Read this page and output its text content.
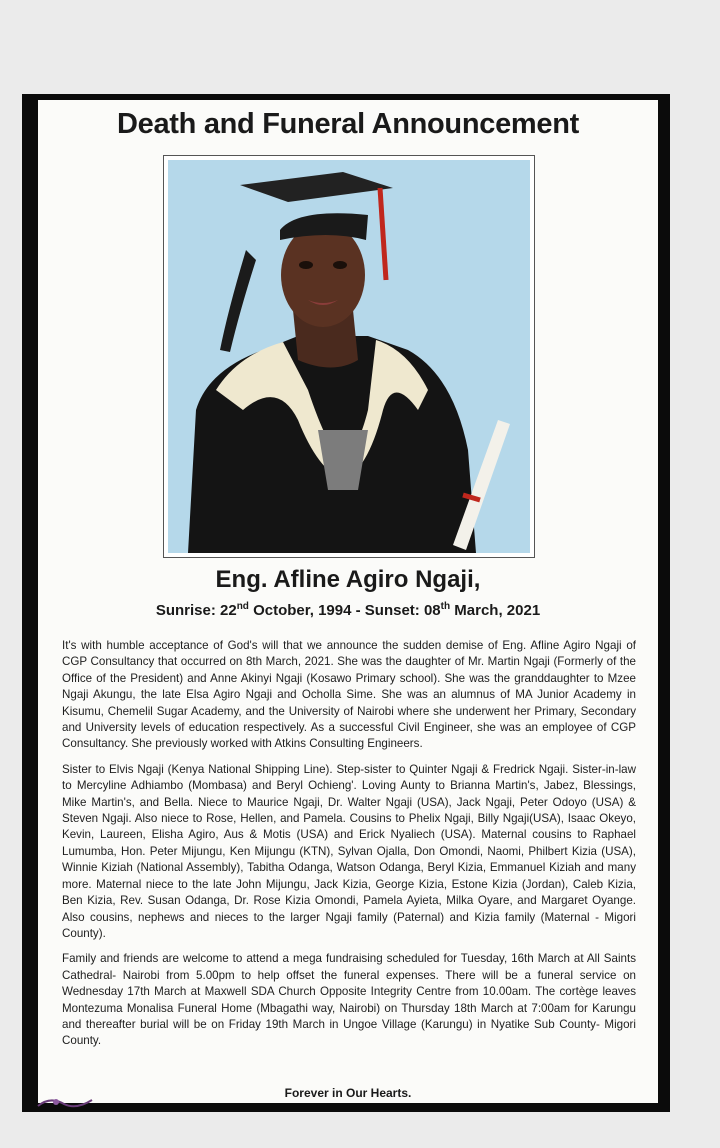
Death and Funeral Announcement
Eng. Afline Agiro Ngaji,
Sunrise: 22nd October, 1994 - Sunset: 08th March, 2021

It's with humble acceptance of God's will that we announce the sudden demise of Eng. Afline Agiro Ngaji of CGP Consultancy that occurred on 8th March, 2021. She was the daughter of Mr. Martin Ngaji (Formerly of the Office of the President) and Anne Akinyi Ngaji (Kosawo Primary school). She was the granddaughter to Mzee Ngaji Akungu, the late Elsa Agiro Ngaji and Ocholla Sime. She was an alumnus of MA Junior Academy in Kisumu, Chemelil Sugar Academy, and the University of Nairobi where she underwent her Primary, Secondary and University levels of education respectively. As a successful Civil Engineer, she was an employee of CGP Consultancy. She previously worked with Atkins Consulting Engineers.

Sister to Elvis Ngaji (Kenya National Shipping Line). Step-sister to Quinter Ngaji & Fredrick Ngaji. Sister-in-law to Mercyline Adhiambo (Mombasa) and Beryl Ochieng'. Loving Aunty to Brianna Martin's, Jabez, Blessings, Mike Martin's, and Bella. Niece to Maurice Ngaji, Dr. Walter Ngaji (USA), Jack Ngaji, Peter Odoyo (USA) & Steven Ngaji. Also niece to Rose, Hellen, and Pamela. Cousins to Phelix Ngaji, Billy Ngaji(USA), Isaac Okeyo, Kevin, Laureen, Elisha Agiro, Aus & Motis (USA) and Erick Nyaliech (USA). Maternal cousins to Raphael Lumumba, Hon. Peter Mijungu, Ken Mijungu (KTN), Sylvan Ojalla, Don Omondi, Naomi, Philbert Kizia (USA), Winnie Kiziah (National Assembly), Tabitha Odanga, Watson Odanga, Beryl Kizia, Emmanuel Kiziah and many more. Maternal niece to the late John Mijungu, Jack Kizia, George Kizia, Estone Kizia (Jordan), Caleb Kizia, Ben Kizia, Rev. Susan Odanga, Dr. Rose Kizia Omondi, Pamela Ayieta, Milka Oyare, and Margaret Oyange. Also cousins, nephews and nieces to the larger Ngaji family (Paternal) and Kizia family (Maternal - Migori County).

Family and friends are welcome to attend a mega fundraising scheduled for Tuesday, 16th March at All Saints Cathedral- Nairobi from 5.00pm to help offset the funeral expenses. There will be a funeral service on Wednesday 17th March at Maxwell SDA Church Opposite Integrity Centre from 10.00am. The cortège leaves Montezuma Monalisa Funeral Home (Mbagathi way, Nairobi) on Thursday 18th March at 7:00am for Karungu and thereafter burial will be on Friday 19th March in Ungoe Village (Karungu) in Nyatike Sub County- Migori County.

Forever in Our Hearts.
